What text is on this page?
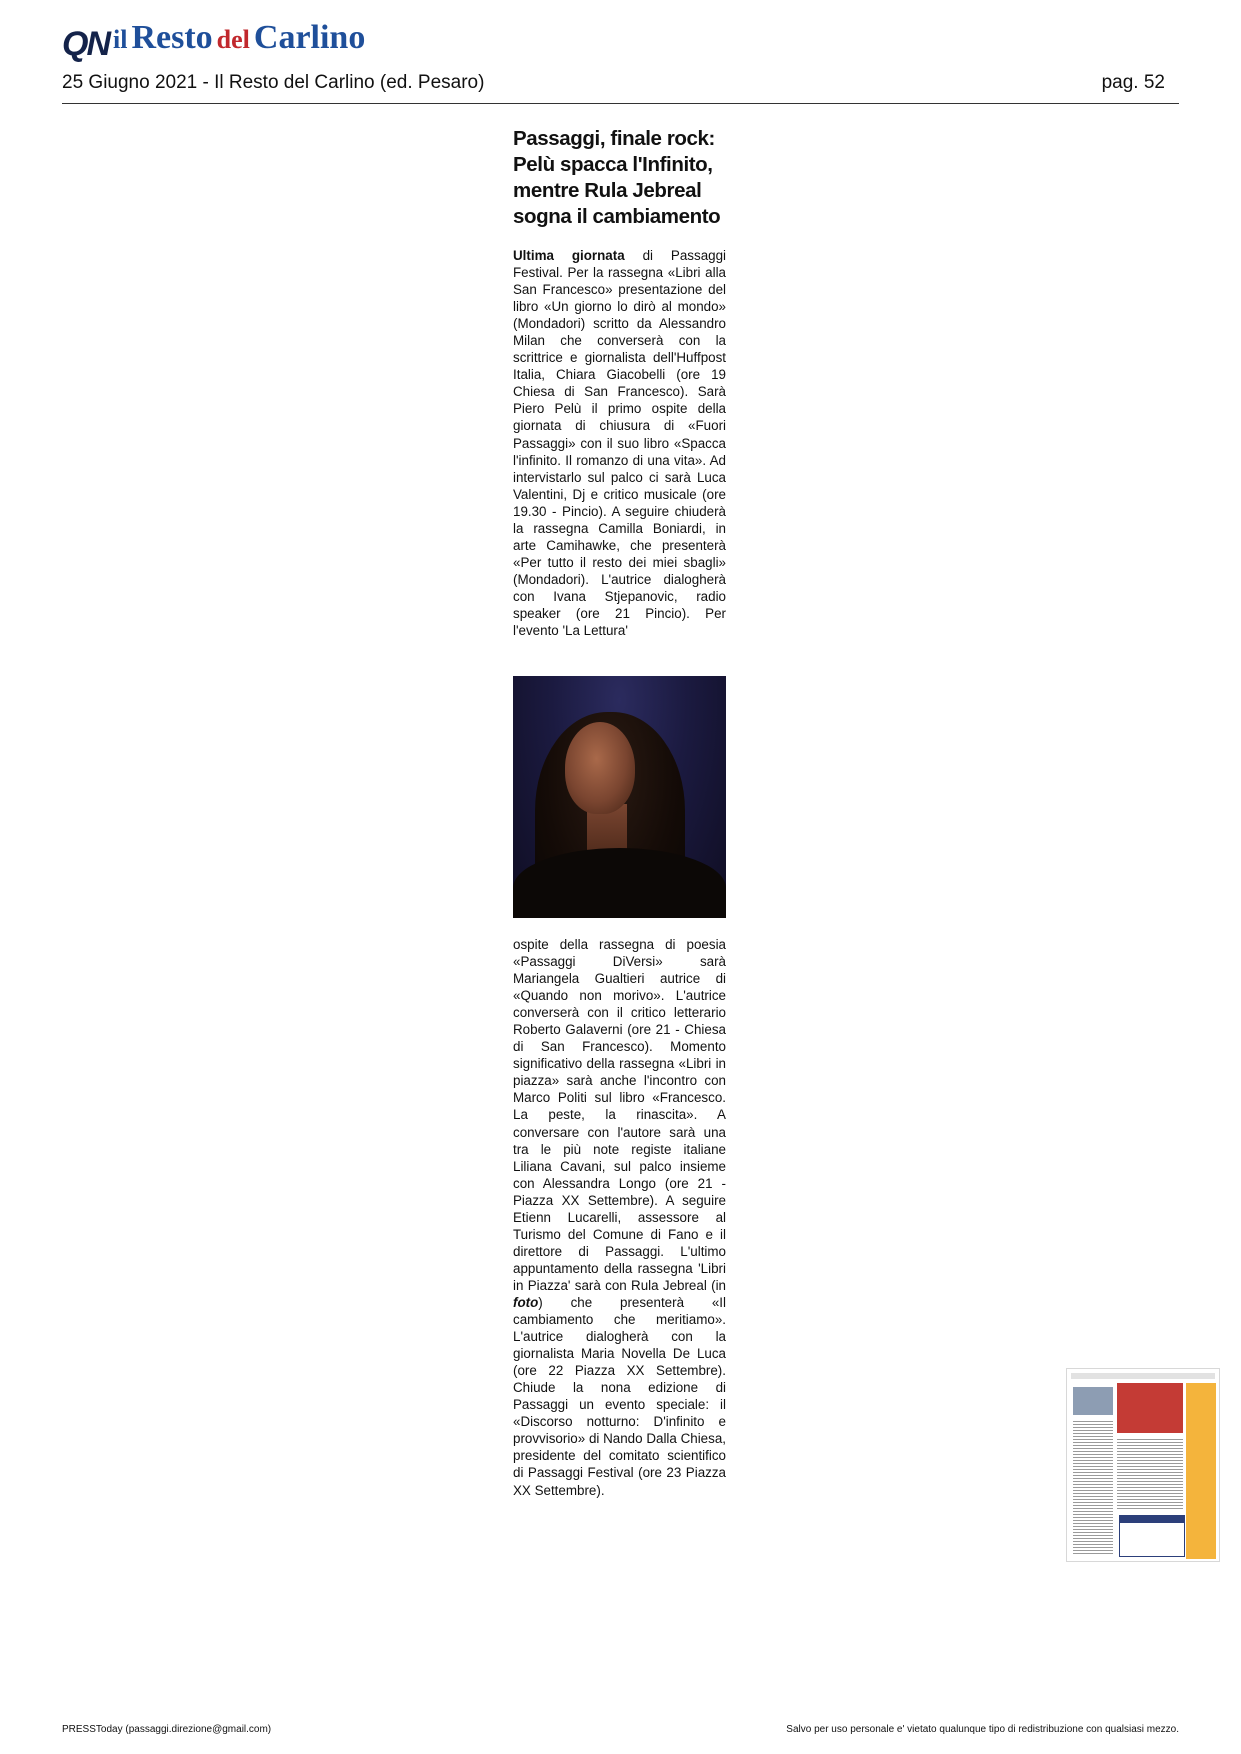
QN il Resto del Carlino
25 Giugno 2021 - Il Resto del Carlino (ed. Pesaro)	pag. 52
Passaggi, finale rock:
Pelù spacca l'Infinito,
mentre Rula Jebreal
sogna il cambiamento

Ultima giornata di Passaggi Festival. Per la rassegna «Libri alla San Francesco» presentazione del libro «Un giorno lo dirò al mondo» (Mondadori) scritto da Alessandro Milan che converserà con la scrittrice e giornalista dell'Huffpost Italia, Chiara Giacobelli (ore 19 Chiesa di San Francesco). Sarà Piero Pelù il primo ospite della giornata di chiusura di «Fuori Passaggi» con il suo libro «Spacca l'infinito. Il romanzo di una vita». Ad intervistarlo sul palco ci sarà Luca Valentini, Dj e critico musicale (ore 19.30 - Pincio). A seguire chiuderà la rassegna Camilla Boniardi, in arte Camihawke, che presenterà «Per tutto il resto dei miei sbagli» (Mondadori). L'autrice dialogherà con Ivana Stjepanovic, radio speaker (ore 21 Pincio). Per l'evento 'La Lettura'

ospite della rassegna di poesia «Passaggi DiVersi» sarà Mariangela Gualtieri autrice di «Quando non morivo». L'autrice converserà con il critico letterario Roberto Galaverni (ore 21 - Chiesa di San Francesco). Momento significativo della rassegna «Libri in piazza» sarà anche l'incontro con Marco Politi sul libro «Francesco. La peste, la rinascita». A conversare con l'autore sarà una tra le più note registe italiane Liliana Cavani, sul palco insieme con Alessandra Longo (ore 21 - Piazza XX Settembre). A seguire Etienn Lucarelli, assessore al Turismo del Comune di Fano e il direttore di Passaggi. L'ultimo appuntamento della rassegna 'Libri in Piazza' sarà con Rula Jebreal (in foto) che presenterà «Il cambiamento che meritiamo». L'autrice dialogherà con la giornalista Maria Novella De Luca (ore 22 Piazza XX Settembre). Chiude la nona edizione di Passaggi un evento speciale: il «Discorso notturno: D'infinito e provvisorio» di Nando Dalla Chiesa, presidente del comitato scientifico di Passaggi Festival (ore 23 Piazza XX Settembre).

PRESSToday (passaggi.direzione@gmail.com)	Salvo per uso personale e' vietato qualunque tipo di redistribuzione con qualsiasi mezzo.
